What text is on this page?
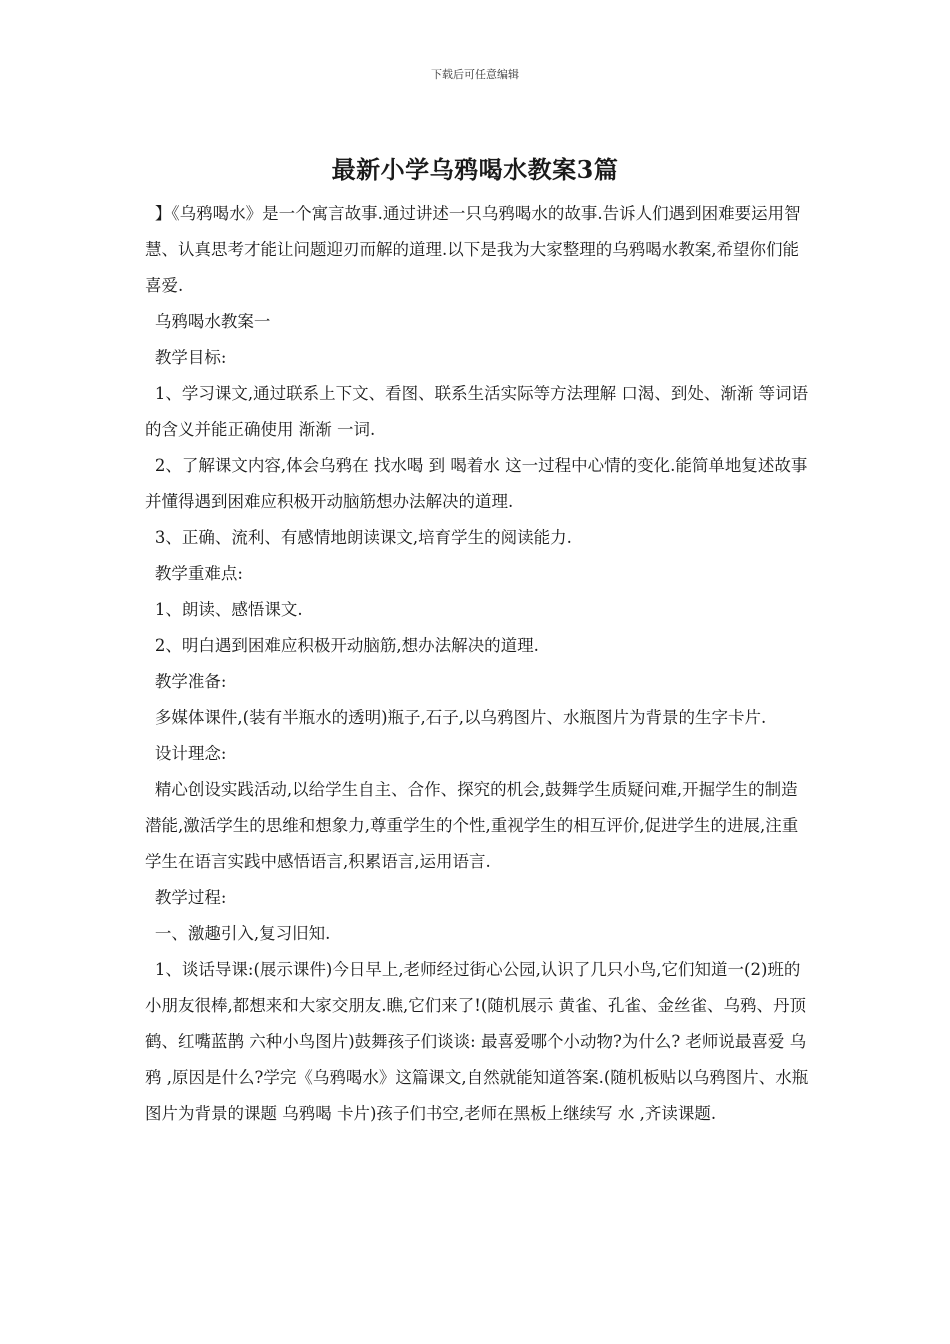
下载后可任意编辑
最新小学乌鸦喝水教案3篇

】《乌鸦喝水》是一个寓言故事.通过讲述一只乌鸦喝水的故事.告诉人们遇到困难要运用智慧、认真思考才能让问题迎刃而解的道理.以下是我为大家整理的乌鸦喝水教案,希望你们能喜爱.

乌鸦喝水教案一

教学目标:

1、学习课文,通过联系上下文、看图、联系生活实际等方法理解 口渴、到处、渐渐 等词语的含义并能正确使用 渐渐 一词.

2、了解课文内容,体会乌鸦在 找水喝 到 喝着水 这一过程中心情的变化.能简单地复述故事并懂得遇到困难应积极开动脑筋想办法解决的道理.

3、正确、流利、有感情地朗读课文,培育学生的阅读能力.

教学重难点:

1、朗读、感悟课文.

2、明白遇到困难应积极开动脑筋,想办法解决的道理.

教学准备:

多媒体课件,(装有半瓶水的透明)瓶子,石子,以乌鸦图片、水瓶图片为背景的生字卡片.

设计理念:

精心创设实践活动,以给学生自主、合作、探究的机会,鼓舞学生质疑问难,开掘学生的制造潜能,激活学生的思维和想象力,尊重学生的个性,重视学生的相互评价,促进学生的进展,注重学生在语言实践中感悟语言,积累语言,运用语言.

教学过程:

一、激趣引入,复习旧知.

1、谈话导课:(展示课件)今日早上,老师经过街心公园,认识了几只小鸟,它们知道一(2)班的小朋友很棒,都想来和大家交朋友.瞧,它们来了!(随机展示 黄雀、孔雀、金丝雀、乌鸦、丹顶鹤、红嘴蓝鹊 六种小鸟图片)鼓舞孩子们谈谈: 最喜爱哪个小动物?为什么? 老师说最喜爱 乌鸦 ,原因是什么?学完《乌鸦喝水》这篇课文,自然就能知道答案.(随机板贴以乌鸦图片、水瓶图片为背景的课题 乌鸦喝 卡片)孩子们书空,老师在黑板上继续写 水 ,齐读课题.
